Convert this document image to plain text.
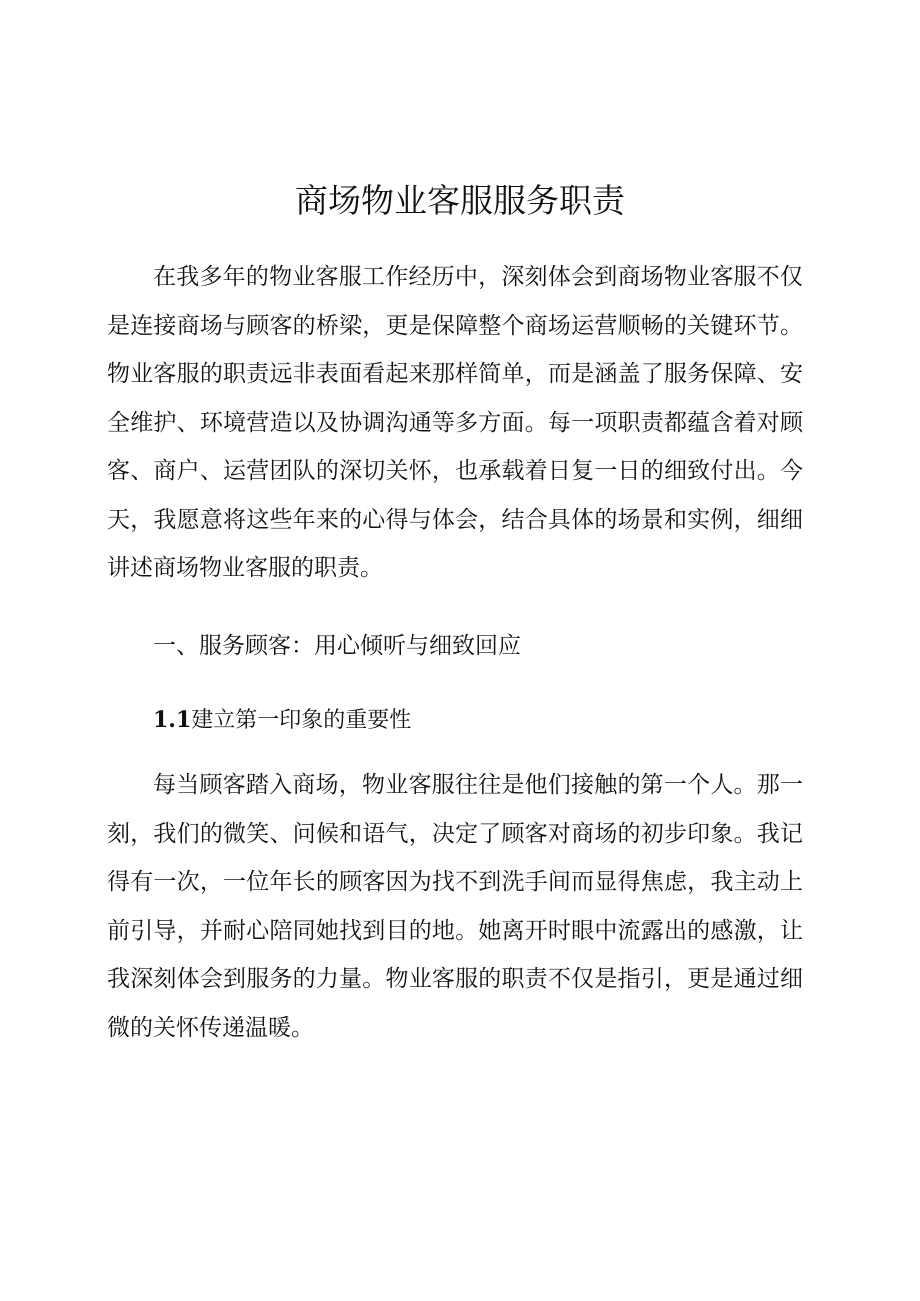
商场物业客服服务职责

在我多年的物业客服工作经历中，深刻体会到商场物业客服不仅是连接商场与顾客的桥梁，更是保障整个商场运营顺畅的关键环节。物业客服的职责远非表面看起来那样简单，而是涵盖了服务保障、安全维护、环境营造以及协调沟通等多方面。每一项职责都蕴含着对顾客、商户、运营团队的深切关怀，也承载着日复一日的细致付出。今天，我愿意将这些年来的心得与体会，结合具体的场景和实例，细细讲述商场物业客服的职责。

一、服务顾客：用心倾听与细致回应
1.1建立第一印象的重要性

每当顾客踏入商场，物业客服往往是他们接触的第一个人。那一刻，我们的微笑、问候和语气，决定了顾客对商场的初步印象。我记得有一次，一位年长的顾客因为找不到洗手间而显得焦虑，我主动上前引导，并耐心陪同她找到目的地。她离开时眼中流露出的感激，让我深刻体会到服务的力量。物业客服的职责不仅是指引，更是通过细微的关怀传递温暖。
